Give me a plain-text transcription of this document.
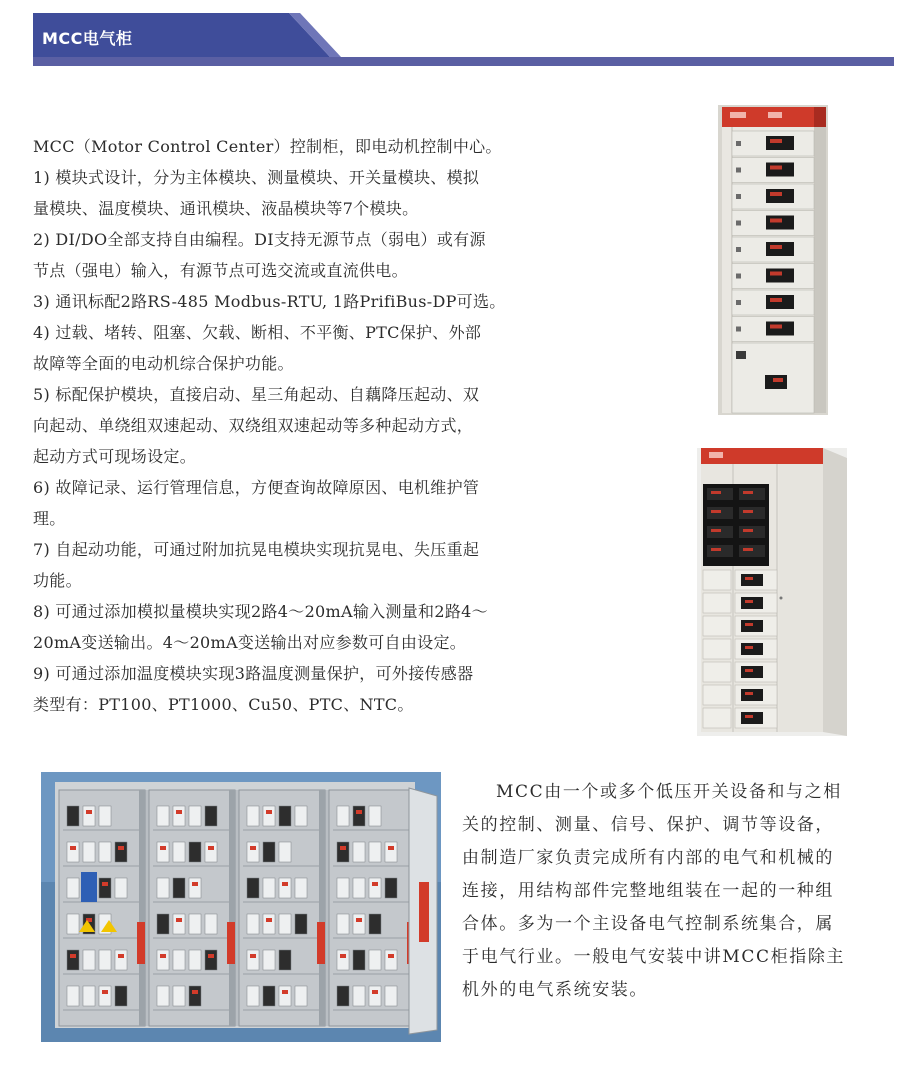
MCC电气柜

MCC（Motor Control Center）控制柜，即电动机控制中心。

1) 模块式设计，分为主体模块、测量模块、开关量模块、模拟
量模块、温度模块、通讯模块、液晶模块等7个模块。

2) DI/DO全部支持自由编程。DI支持无源节点（弱电）或有源
节点（强电）输入，有源节点可选交流或直流供电。

3) 通讯标配2路RS-485 Modbus-RTU, 1路PrifiBus-DP可选。

4) 过载、堵转、阻塞、欠载、断相、不平衡、PTC保护、外部
故障等全面的电动机综合保护功能。

5) 标配保护模块，直接启动、星三角起动、自藕降压起动、双
向起动、单绕组双速起动、双绕组双速起动等多种起动方式，
起动方式可现场设定。

6) 故障记录、运行管理信息，方便查询故障原因、电机维护管
理。

7) 自起动功能，可通过附加抗晃电模块实现抗晃电、失压重起
功能。

8) 可通过添加模拟量模块实现2路4～20mA输入测量和2路4～
20mA变送输出。4～20mA变送输出对应参数可自由设定。

9) 可通过添加温度模块实现3路温度测量保护，可外接传感器
类型有：PT100、PT1000、Cu50、PTC、NTC。

MCC由一个或多个低压开关设备和与之相关的控制、测量、信号、保护、调节等设备，由制造厂家负责完成所有内部的电气和机械的连接，用结构部件完整地组装在一起的一种组合体。多为一个主设备电气控制系统集合，属于电气行业。一般电气安装中讲MCC柜指除主机外的电气系统安装。
